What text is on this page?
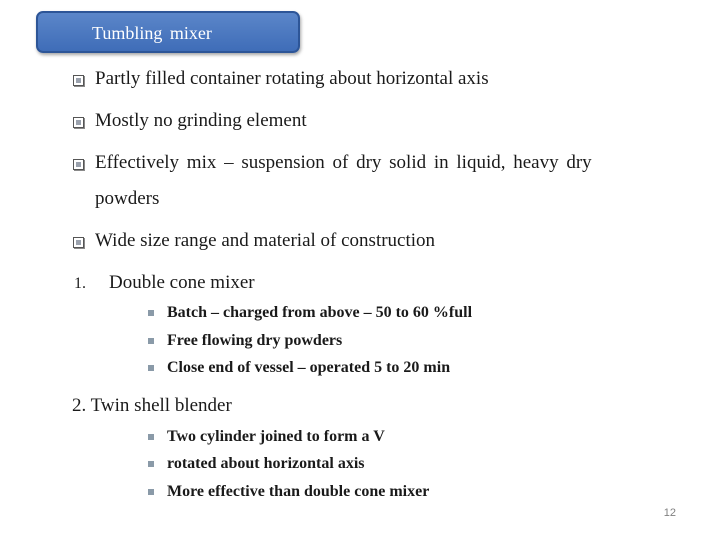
Tumbling mixer
Partly filled container rotating about horizontal axis
Mostly no grinding element
Effectively mix – suspension of dry solid in liquid, heavy dry
powders
Wide size range and material of construction
1. Double cone mixer
Batch – charged from above – 50 to 60 %full
Free flowing dry powders
Close end of vessel – operated 5 to 20 min
2. Twin shell blender
Two cylinder joined to form a V
rotated about horizontal axis
More effective than double cone mixer
12
